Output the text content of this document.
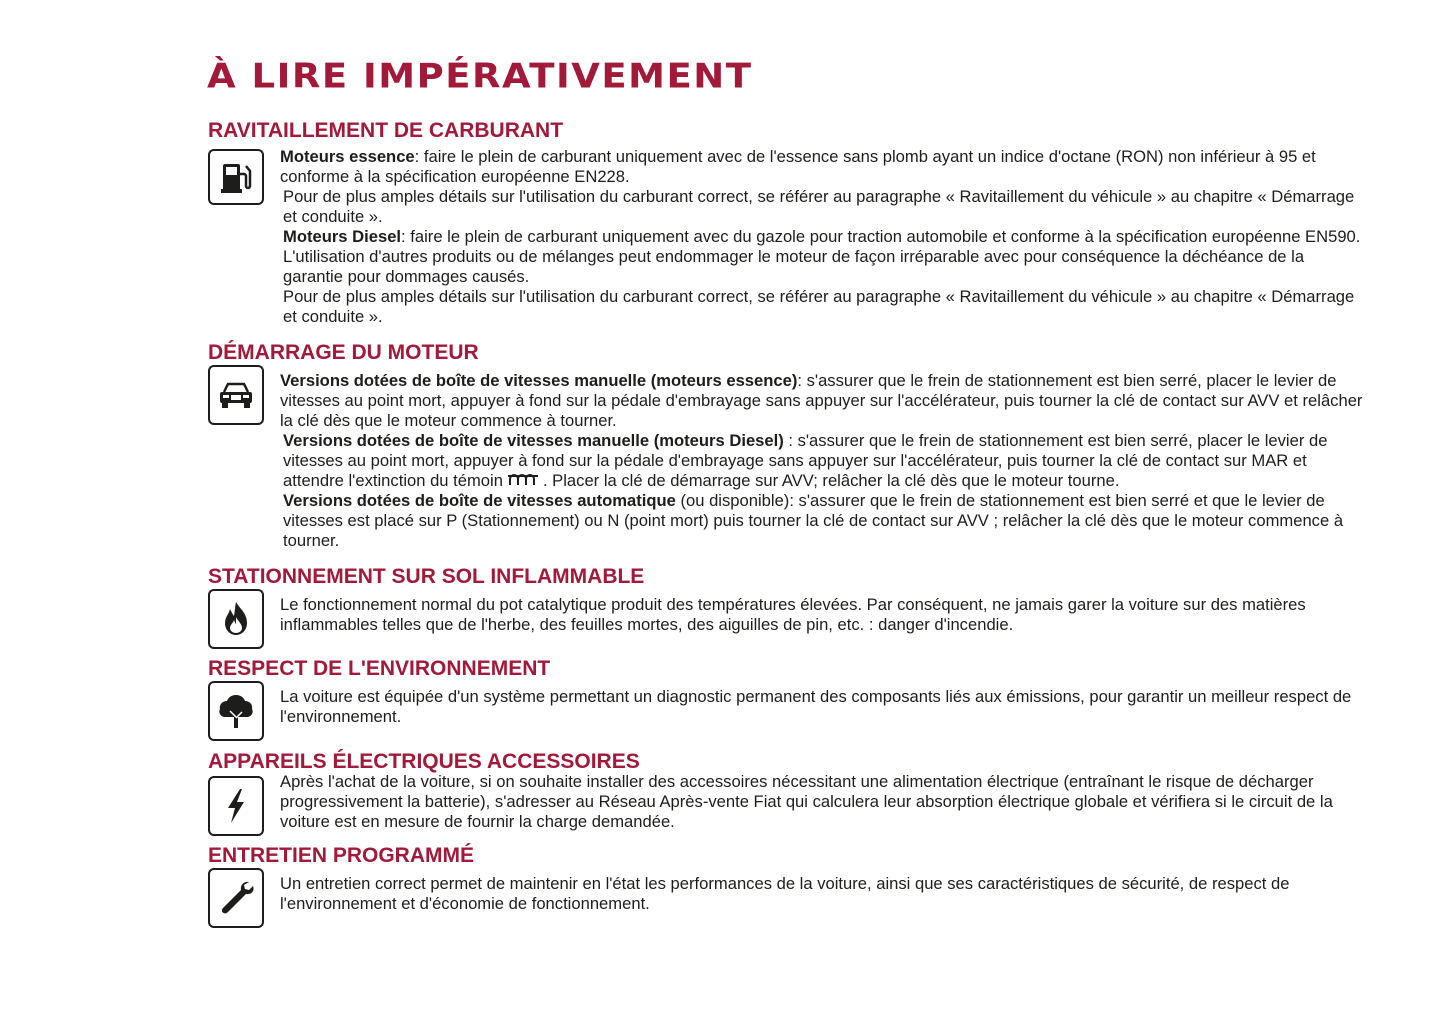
À LIRE IMPÉRATIVEMENT
RAVITAILLEMENT DE CARBURANT

Moteurs essence: faire le plein de carburant uniquement avec de l'essence sans plomb ayant un indice d'octane (RON) non inférieur à 95 et conforme à la spécification européenne EN228.

Pour de plus amples détails sur l'utilisation du carburant correct, se référer au paragraphe « Ravitaillement du véhicule » au chapitre « Démarrage et conduite ».

Moteurs Diesel: faire le plein de carburant uniquement avec du gazole pour traction automobile et conforme à la spécification européenne EN590. L'utilisation d'autres produits ou de mélanges peut endommager le moteur de façon irréparable avec pour conséquence la déchéance de la garantie pour dommages causés.

Pour de plus amples détails sur l'utilisation du carburant correct, se référer au paragraphe « Ravitaillement du véhicule » au chapitre « Démarrage et conduite ».

DÉMARRAGE DU MOTEUR

Versions dotées de boîte de vitesses manuelle (moteurs essence): s'assurer que le frein de stationnement est bien serré, placer le levier de vitesses au point mort, appuyer à fond sur la pédale d'embrayage sans appuyer sur l'accélérateur, puis tourner la clé de contact sur AVV et relâcher la clé dès que le moteur commence à tourner.

Versions dotées de boîte de vitesses manuelle (moteurs Diesel) : s'assurer que le frein de stationnement est bien serré, placer le levier de vitesses au point mort, appuyer à fond sur la pédale d'embrayage sans appuyer sur l'accélérateur, puis tourner la clé de contact sur MAR et attendre l'extinction du témoin . Placer la clé de démarrage sur AVV; relâcher la clé dès que le moteur tourne.

Versions dotées de boîte de vitesses automatique (ou disponible): s'assurer que le frein de stationnement est bien serré et que le levier de vitesses est placé sur P (Stationnement) ou N (point mort) puis tourner la clé de contact sur AVV ; relâcher la clé dès que le moteur commence à tourner.

STATIONNEMENT SUR SOL INFLAMMABLE

Le fonctionnement normal du pot catalytique produit des températures élevées. Par conséquent, ne jamais garer la voiture sur des matières inflammables telles que de l'herbe, des feuilles mortes, des aiguilles de pin, etc. : danger d'incendie.

RESPECT DE L'ENVIRONNEMENT

La voiture est équipée d'un système permettant un diagnostic permanent des composants liés aux émissions, pour garantir un meilleur respect de l'environnement.

APPAREILS ÉLECTRIQUES ACCESSOIRES

Après l'achat de la voiture, si on souhaite installer des accessoires nécessitant une alimentation électrique (entraînant le risque de décharger progressivement la batterie), s'adresser au Réseau Après-vente Fiat qui calculera leur absorption électrique globale et vérifiera si le circuit de la voiture est en mesure de fournir la charge demandée.

ENTRETIEN PROGRAMMÉ

Un entretien correct permet de maintenir en l'état les performances de la voiture, ainsi que ses caractéristiques de sécurité, de respect de l'environnement et d'économie de fonctionnement.
